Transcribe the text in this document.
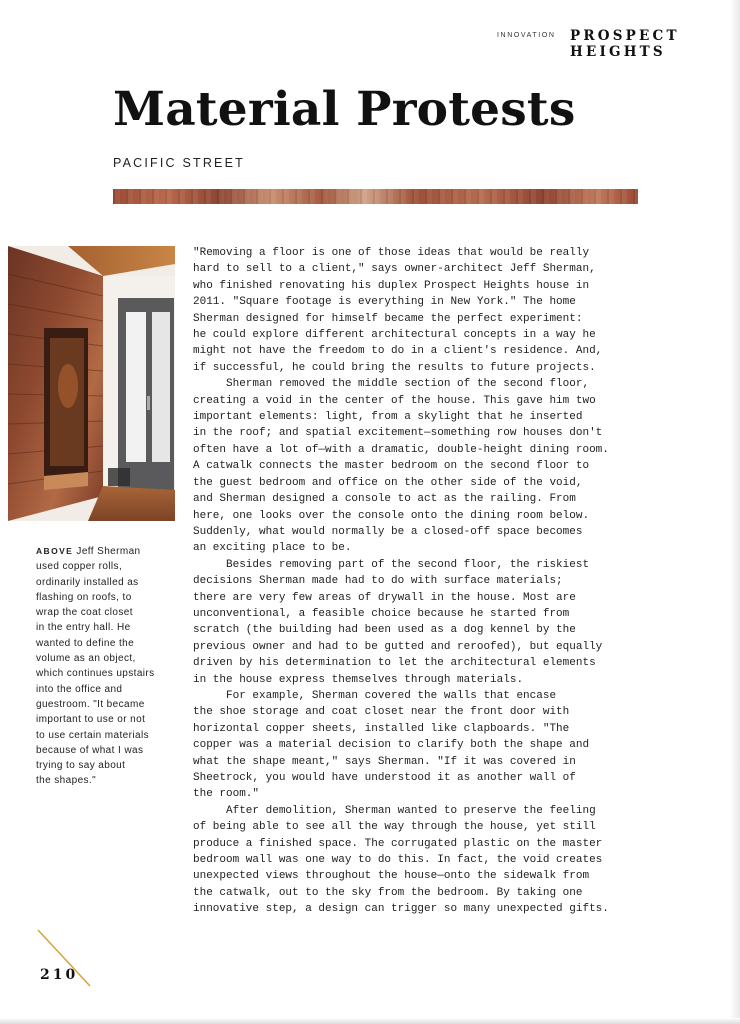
INNOVATION PROSPECT
HEIGHTS
Material Protests
PACIFIC STREET
ABOVE Jeff Sherman
used copper rolls,
ordinarily installed as
flashing on roofs, to
wrap the coat closet
in the entry hall. He
wanted to define the
volume as an object,
which continues upstairs
into the office and
guestroom. "It became
important to use or not
to use certain materials
because of what I was
trying to say about
the shapes."

"Removing a floor is one of those ideas that would be really
hard to sell to a client," says owner-architect Jeff Sherman,
who finished renovating his duplex Prospect Heights house in
2011. "Square footage is everything in New York." The home
Sherman designed for himself became the perfect experiment:
he could explore different architectural concepts in a way he
might not have the freedom to do in a client's residence. And,
if successful, he could bring the results to future projects.

Sherman removed the middle section of the second floor,
creating a void in the center of the house. This gave him two
important elements: light, from a skylight that he inserted
in the roof; and spatial excitement—something row houses don't
often have a lot of—with a dramatic, double-height dining room.
A catwalk connects the master bedroom on the second floor to
the guest bedroom and office on the other side of the void,
and Sherman designed a console to act as the railing. From
here, one looks over the console onto the dining room below.
Suddenly, what would normally be a closed-off space becomes
an exciting place to be.

Besides removing part of the second floor, the riskiest
decisions Sherman made had to do with surface materials;
there are very few areas of drywall in the house. Most are
unconventional, a feasible choice because he started from
scratch (the building had been used as a dog kennel by the
previous owner and had to be gutted and reroofed), but equally
driven by his determination to let the architectural elements
in the house express themselves through materials.

For example, Sherman covered the walls that encase
the shoe storage and coat closet near the front door with
horizontal copper sheets, installed like clapboards. "The
copper was a material decision to clarify both the shape and
what the shape meant," says Sherman. "If it was covered in
Sheetrock, you would have understood it as another wall of
the room."

After demolition, Sherman wanted to preserve the feeling
of being able to see all the way through the house, yet still
produce a finished space. The corrugated plastic on the master
bedroom wall was one way to do this. In fact, the void creates
unexpected views throughout the house—onto the sidewalk from
the catwalk, out to the sky from the bedroom. By taking one
innovative step, a design can trigger so many unexpected gifts.

210
